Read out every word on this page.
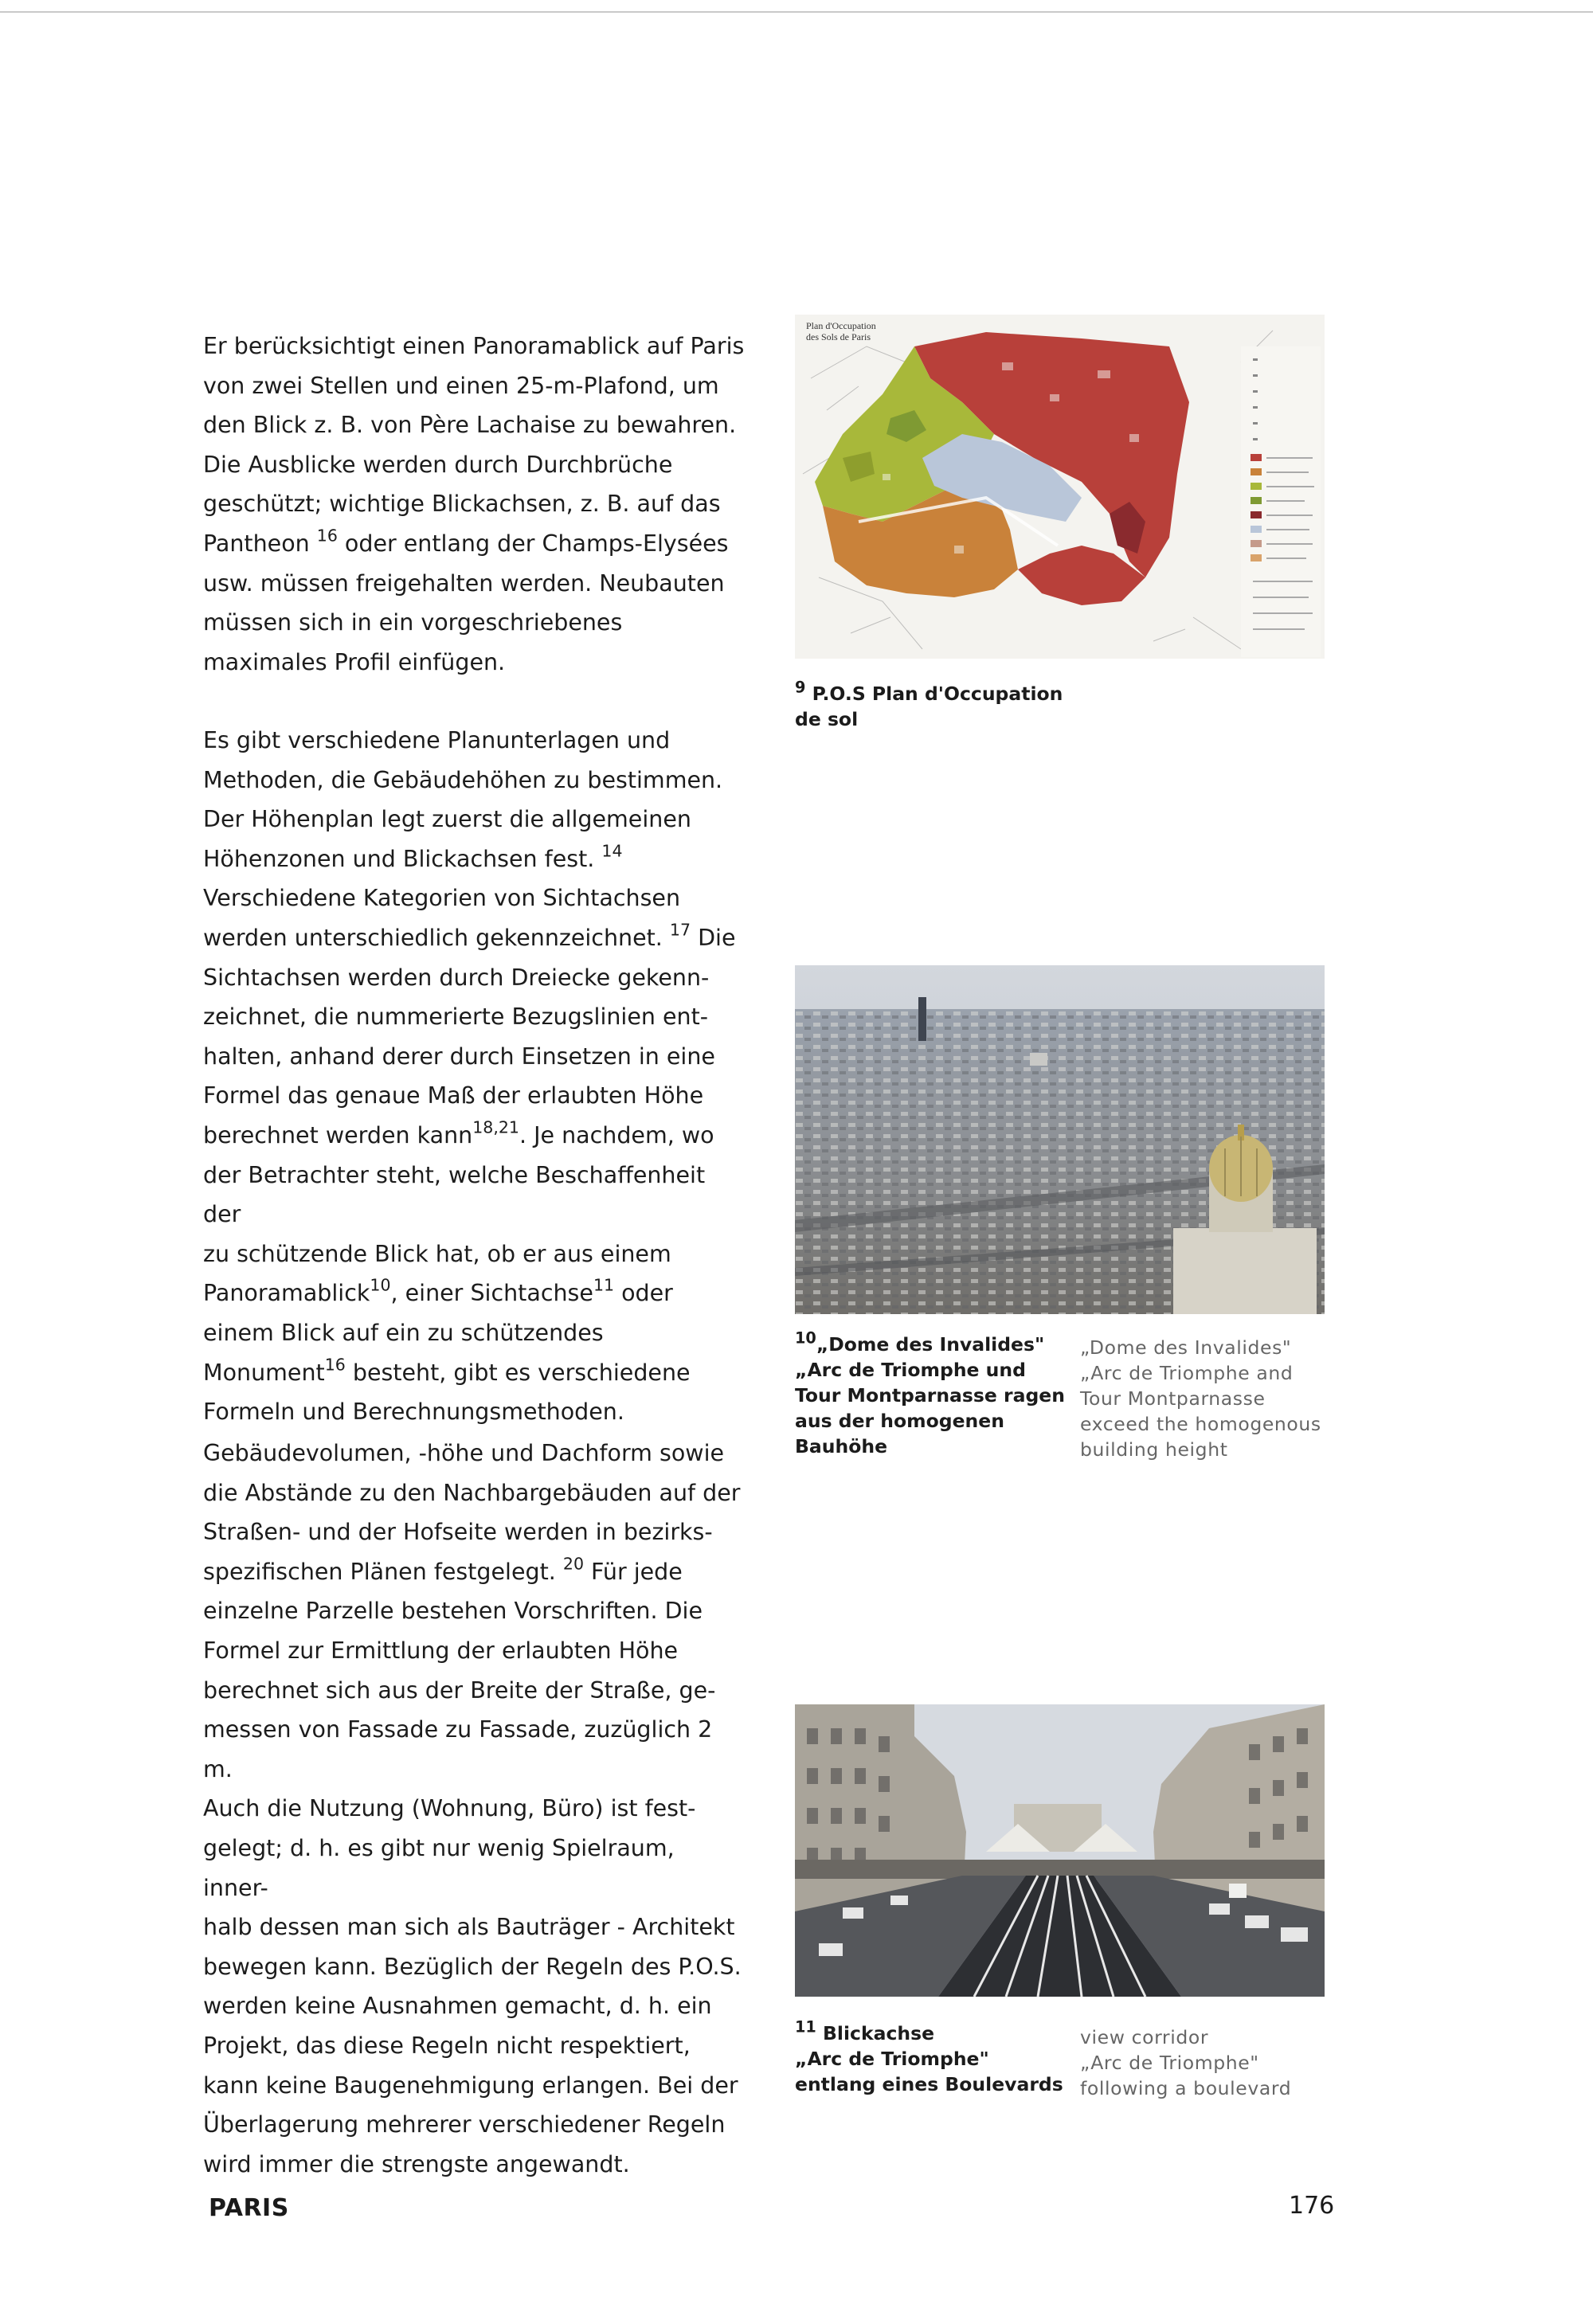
Er berücksichtigt einen Panoramablick auf Paris
von zwei Stellen und einen 25-m-Plafond, um
den Blick z. B. von Père Lachaise zu bewahren.
Die Ausblicke werden durch Durchbrüche
geschützt; wichtige Blickachsen, z. B. auf das
Pantheon $^{16}$ oder entlang der Champs-Elysées
usw. müssen freigehalten werden. Neubauten
müssen sich in ein vorgeschriebenes
maximales Profil einfügen.

Es gibt verschiedene Planunterlagen und
Methoden, die Gebäudehöhen zu bestimmen.
Der Höhenplan legt zuerst die allgemeinen
Höhenzonen und Blickachsen fest. $^{14}$
Verschiedene Kategorien von Sichtachsen
werden unterschiedlich gekennzeichnet. $^{17}$ Die
Sichtachsen werden durch Dreiecke gekenn-
zeichnet, die nummerierte Bezugslinien ent-
halten, anhand derer durch Einsetzen in eine
Formel das genaue Maß der erlaubten Höhe
berechnet werden kann$^{18,21}$. Je nachdem, wo
der Betrachter steht, welche Beschaffenheit der
zu schützende Blick hat, ob er aus einem
Panoramablick$^{10}$, einer Sichtachse$^{11}$ oder
einem Blick auf ein zu schützendes
Monument$^{16}$ besteht, gibt es verschiedene
Formeln und Berechnungsmethoden.

Gebäudevolumen, -höhe und Dachform sowie
die Abstände zu den Nachbargebäuden auf der
Straßen- und der Hofseite werden in bezirks-
spezifischen Plänen festgelegt. $^{20}$ Für jede
einzelne Parzelle bestehen Vorschriften. Die
Formel zur Ermittlung der erlaubten Höhe
berechnet sich aus der Breite der Straße, ge-
messen von Fassade zu Fassade, zuzüglich 2 m.
Auch die Nutzung (Wohnung, Büro) ist fest-
gelegt; d. h. es gibt nur wenig Spielraum, inner-
halb dessen man sich als Bauträger - Architekt
bewegen kann. Bezüglich der Regeln des P.O.S.
werden keine Ausnahmen gemacht, d. h. ein
Projekt, das diese Regeln nicht respektiert,
kann keine Baugenehmigung erlangen. Bei der
Überlagerung mehrerer verschiedener Regeln
wird immer die strengste angewandt.

Plan d'Occupation
des Sols de Paris
$^9$ P.O.S Plan d'Occupation
de sol
$^{10}$„Dome des Invalides"
„Arc de Triomphe und
Tour Montparnasse ragen
aus der homogenen
Bauhöhe
„Dome des Invalides"
„Arc de Triomphe and
Tour Montparnasse
exceed the homogenous
building height
$^{11}$ Blickachse
„Arc de Triomphe"
entlang eines Boulevards
view corridor
„Arc de Triomphe"
following a boulevard
PARIS	176
